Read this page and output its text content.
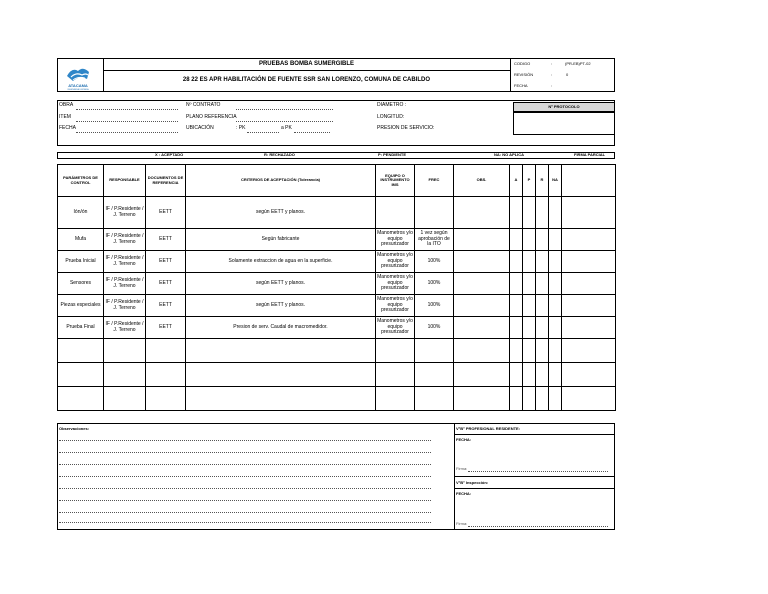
ATACAMA
INGENIERÍA LIMITADA
PRUEBAS BOMBA SUMERGIBLE
28 22 ES APR HABILITACIÓN DE FUENTE SSR SAN LORENZO, COMUNA DE CABILDO
CODIGO	:	(PR-EB)PT-02
REVISIÓN	:	0
FECHA	:
OBRA
ITEM
FECHA
Nº CONTRATO
PLANO REFERENCIA
UBICACIÓN	: PK	a PK
DIAMETRO :
LONGITUD:
PRESION DE SERVICIO:
Nº PROTOCOLO
X : ACEPTADO	R: RECHAZADO	P: PENDIENTE	NA: NO APLICA	FIRMA PARCIAL
PARÁMETROS DE CONTROL	RESPONSABLE	DOCUMENTOS DE REFERENCIA	CRITERIOS DE ACEPTACIÓN (Tolerancia)	EQUIPO O INSTRUMENTO IMS	FREC	OBS.	A	P	R	NA	
Ión/ón	IF / P.Residente / J. Terreno	EETT	según EETT y planos.								
Mufa	IF / P.Residente / J. Terreno	EETT	Según fabricante	Manometros y/o equipo presurizador	1 vez según aprobación de la ITO						
Prueba Inicial	IF / P.Residente / J. Terreno	EETT	Solamente extraccion de agua en la superficie.	Manometros y/o equipo presurizador	100%						
Sensores	IF / P.Residente / J. Terreno	EETT	según EETT y planos.	Manometros y/o equipo presurizador	100%						
Piezas especiales	IF / P.Residente / J. Terreno	EETT	según EETT y planos.	Manometros y/o equipo presurizador	100%						
Prueba Final	IF / P.Residente / J. Terreno	EETT	Presion de serv. Caudal de macromedidor.	Manometros y/o equipo presurizador	100%						

Observaciones:	V°B° PROFESIONAL RESIDENTE:
FECHA:
Firma:
V°B° Inspección:
FECHA:
Firma:
